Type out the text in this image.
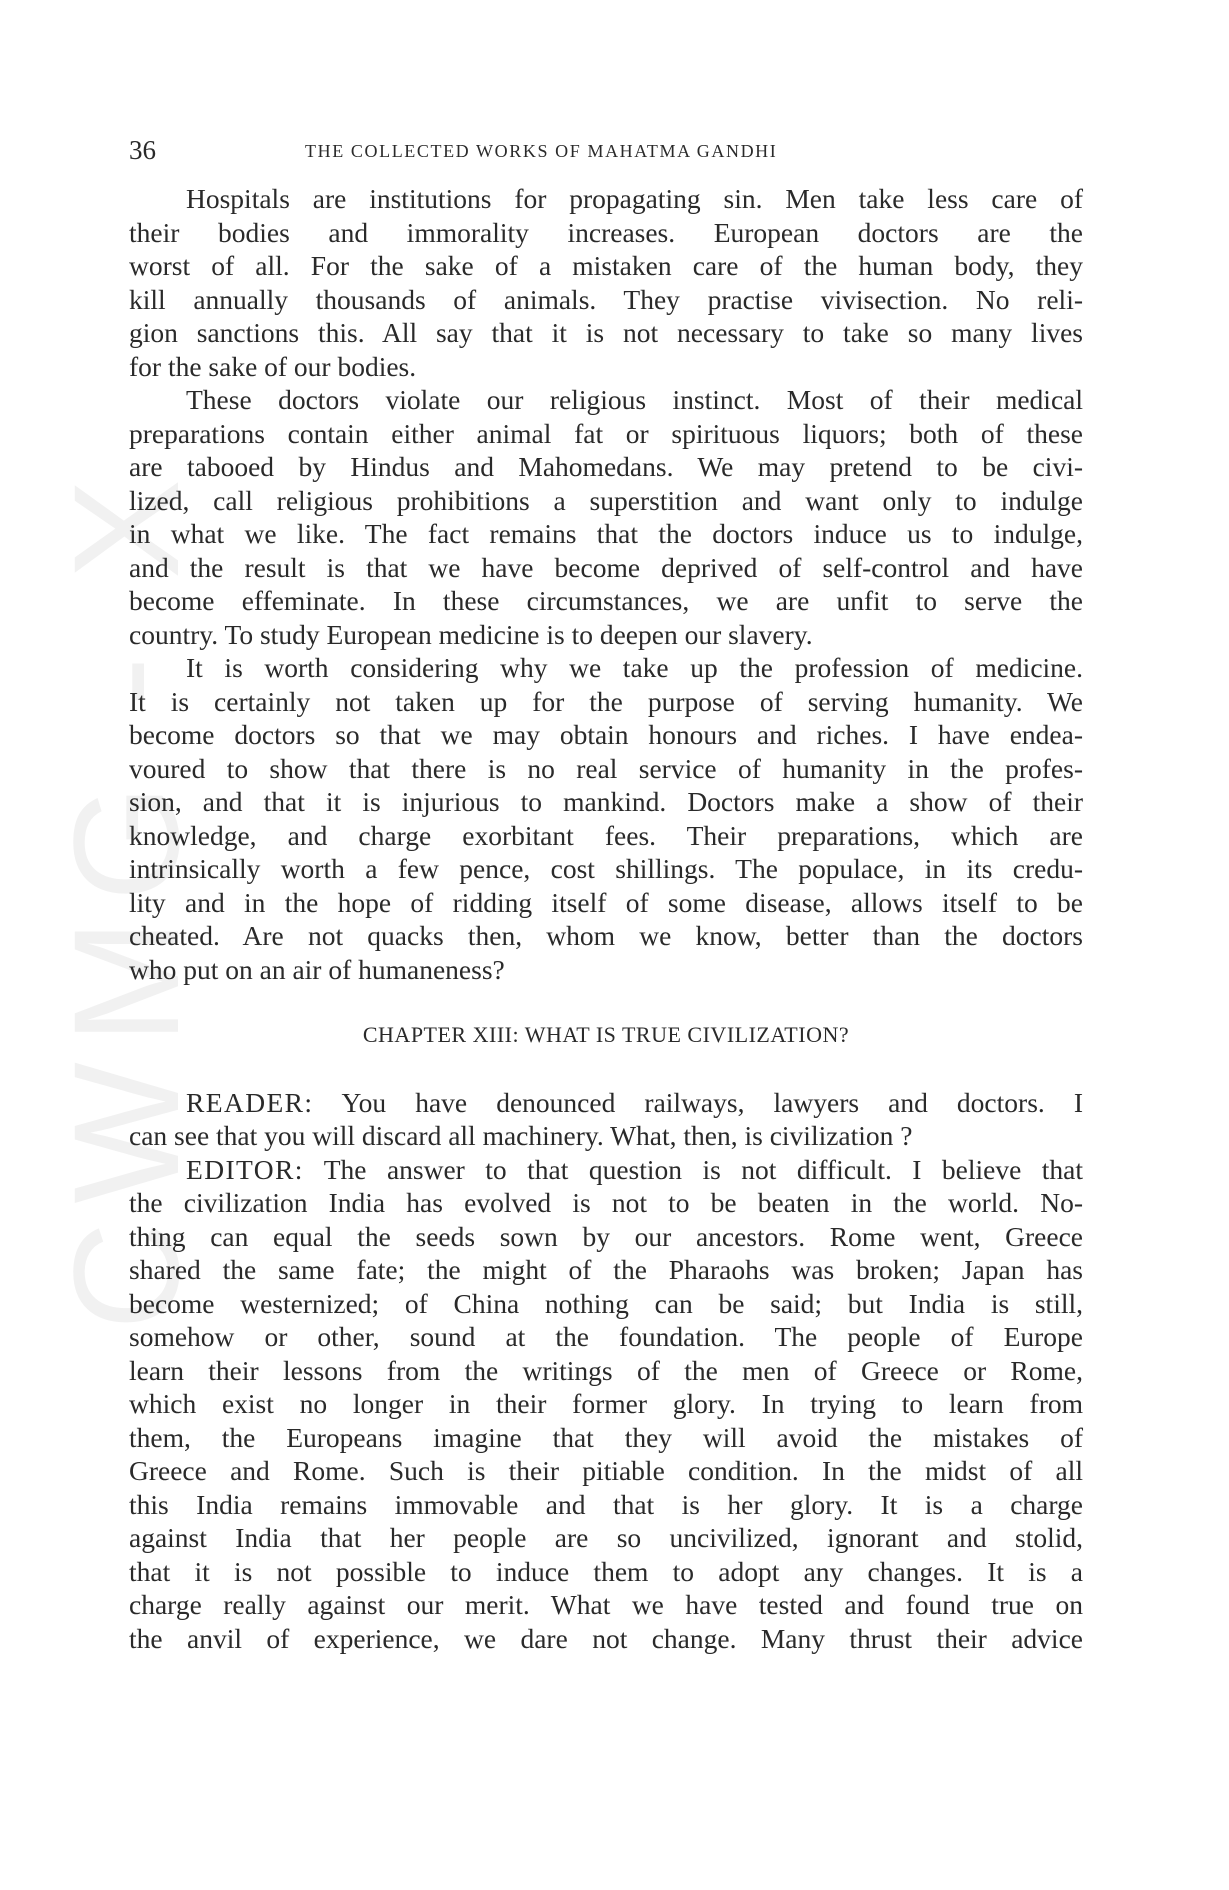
CWMG - X
36	THE COLLECTED WORKS OF MAHATMA GANDHI
Hospitals are institutions for propagating sin. Men take less care of
their bodies and immorality increases. European doctors are the
worst of all. For the sake of a mistaken care of the human body, they
kill annually thousands of animals. They practise vivisection. No reli-
gion sanctions this. All say that it is not necessary to take so many lives
for the sake of our bodies.
These doctors violate our religious instinct. Most of their medical
preparations contain either animal fat or spirituous liquors; both of these
are tabooed by Hindus and Mahomedans. We may pretend to be civi-
lized, call religious prohibitions a superstition and want only to indulge
in what we like. The fact remains that the doctors induce us to indulge,
and the result is that we have become deprived of self-control and have
become effeminate. In these circumstances, we are unfit to serve the
country. To study European medicine is to deepen our slavery.
It is worth considering why we take up the profession of medicine.
It is certainly not taken up for the purpose of serving humanity. We
become doctors so that we may obtain honours and riches. I have endea-
voured to show that there is no real service of humanity in the profes-
sion, and that it is injurious to mankind. Doctors make a show of their
knowledge, and charge exorbitant fees. Their preparations, which are
intrinsically worth a few pence, cost shillings. The populace, in its credu-
lity and in the hope of ridding itself of some disease, allows itself to be
cheated. Are not quacks then, whom we know, better than the doctors
who put on an air of humaneness?
CHAPTER XIII: WHAT IS TRUE CIVILIZATION?
READER: You have denounced railways, lawyers and doctors. I
can see that you will discard all machinery. What, then, is civilization ?
EDITOR: The answer to that question is not difficult. I believe that
the civilization India has evolved is not to be beaten in the world. No-
thing can equal the seeds sown by our ancestors. Rome went, Greece
shared the same fate; the might of the Pharaohs was broken; Japan has
become westernized; of China nothing can be said; but India is still,
somehow or other, sound at the foundation. The people of Europe
learn their lessons from the writings of the men of Greece or Rome,
which exist no longer in their former glory. In trying to learn from
them, the Europeans imagine that they will avoid the mistakes of
Greece and Rome. Such is their pitiable condition. In the midst of all
this India remains immovable and that is her glory. It is a charge
against India that her people are so uncivilized, ignorant and stolid,
that it is not possible to induce them to adopt any changes. It is a
charge really against our merit. What we have tested and found true on
the anvil of experience, we dare not change. Many thrust their advice
